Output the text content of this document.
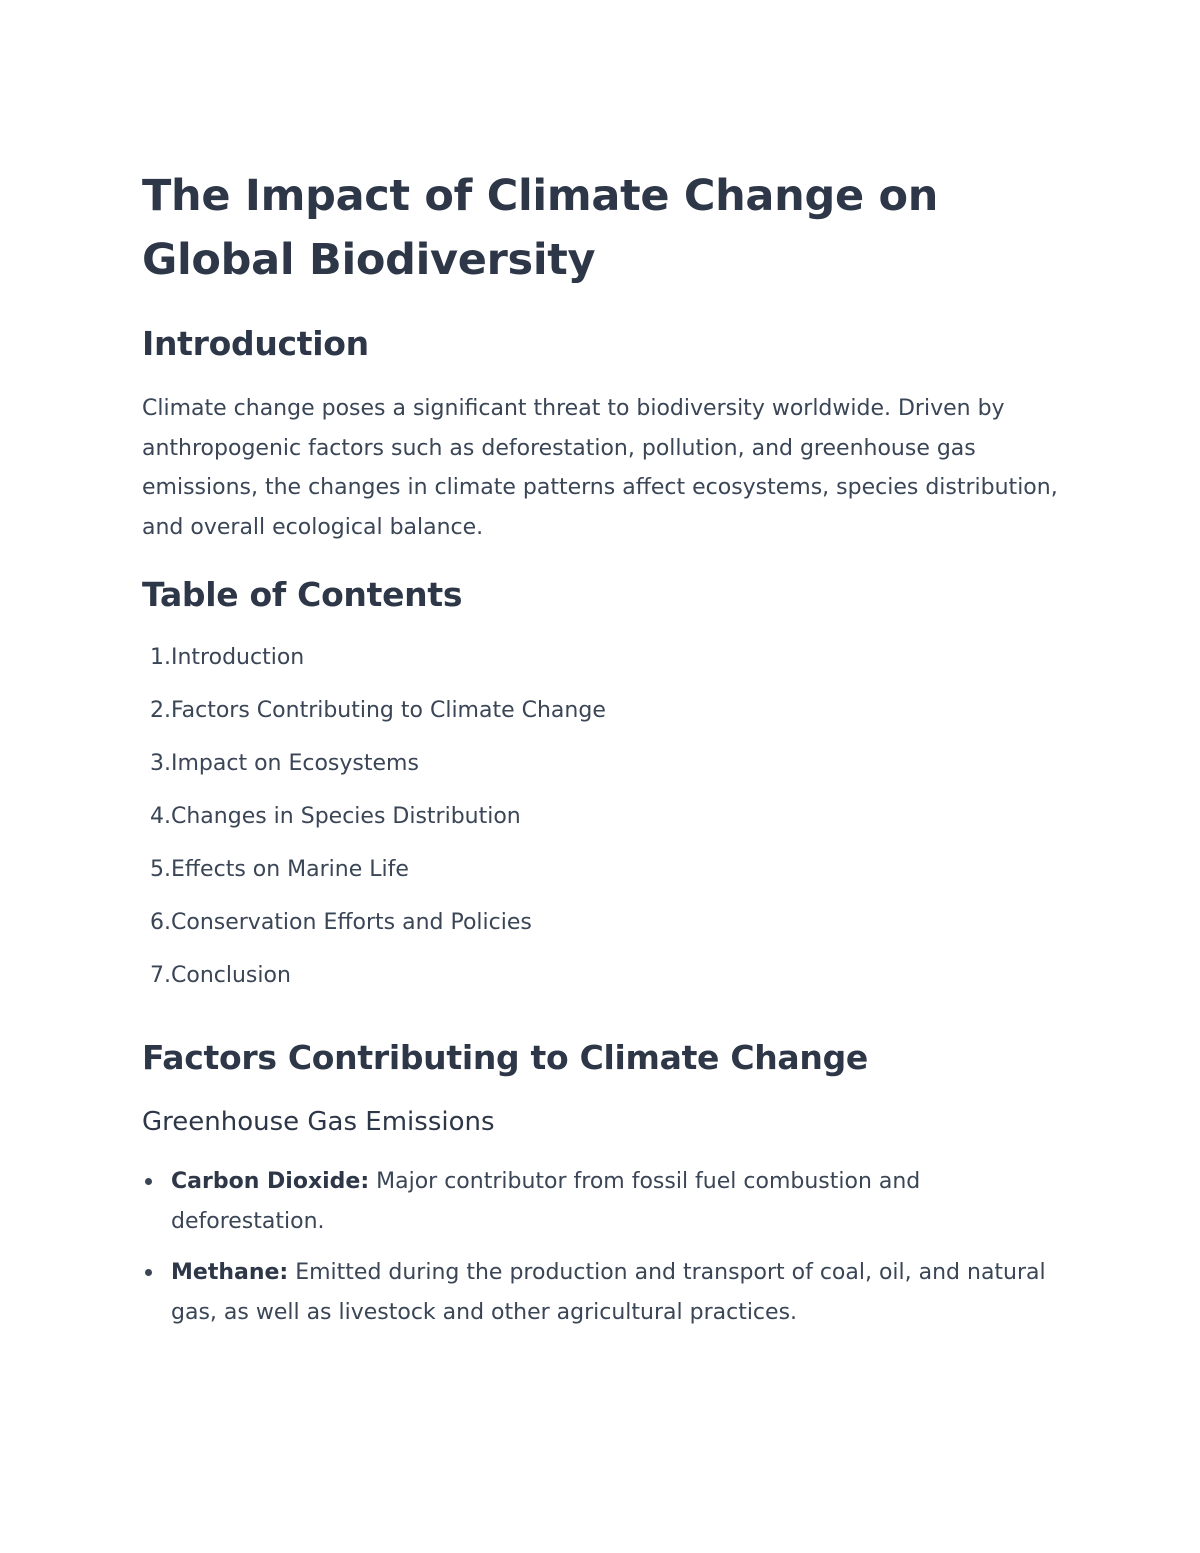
The Impact of Climate Change on Global Biodiversity
Introduction

Climate change poses a significant threat to biodiversity worldwide. Driven by anthropogenic factors such as deforestation, pollution, and greenhouse gas emissions, the changes in climate patterns affect ecosystems, species distribution, and overall ecological balance.

Table of Contents
1. Introduction
2. Factors Contributing to Climate Change
3. Impact on Ecosystems
4. Changes in Species Distribution
5. Effects on Marine Life
6. Conservation Efforts and Policies
7. Conclusion
Factors Contributing to Climate Change
Greenhouse Gas Emissions
Carbon Dioxide: Major contributor from fossil fuel combustion and deforestation.
Methane: Emitted during the production and transport of coal, oil, and natural gas, as well as livestock and other agricultural practices.
